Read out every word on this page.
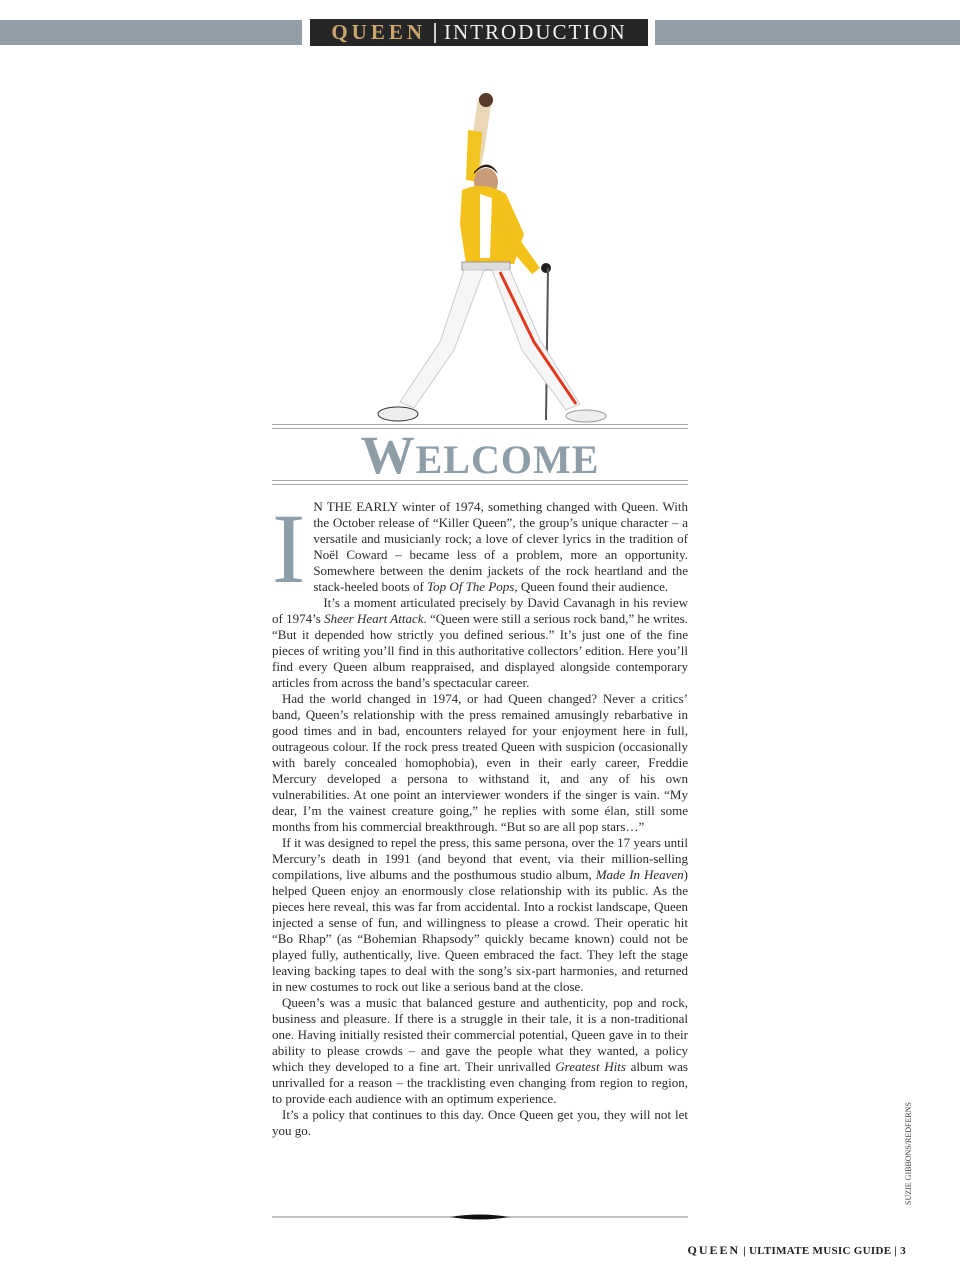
QUEEN INTRODUCTION
WELCOME

I N THE EARLY winter of 1974, something changed with Queen. With the October release of “Killer Queen”, the group’s unique character – a versatile and musicianly rock; a love of clever lyrics in the tradition of Noël Coward – became less of a problem, more an opportunity. Somewhere between the denim jackets of the rock heartland and the stack-heeled boots of Top Of The Pops, Queen found their audience.

It’s a moment articulated precisely by David Cavanagh in his review of 1974’s Sheer Heart Attack. “Queen were still a serious rock band,” he writes. “But it depended how strictly you defined serious.” It’s just one of the fine pieces of writing you’ll find in this authoritative collectors’ edition. Here you’ll find every Queen album reappraised, and displayed alongside contemporary articles from across the band’s spectacular career.

Had the world changed in 1974, or had Queen changed? Never a critics’ band, Queen’s relationship with the press remained amusingly rebarbative in good times and in bad, encounters relayed for your enjoyment here in full, outrageous colour. If the rock press treated Queen with suspicion (occasionally with barely concealed homophobia), even in their early career, Freddie Mercury developed a persona to withstand it, and any of his own vulnerabilities. At one point an interviewer wonders if the singer is vain. “My dear, I’m the vainest creature going,” he replies with some élan, still some months from his commercial breakthrough. “But so are all pop stars…”

If it was designed to repel the press, this same persona, over the 17 years until Mercury’s death in 1991 (and beyond that event, via their million-selling compilations, live albums and the posthumous studio album, Made In Heaven) helped Queen enjoy an enormously close relationship with its public. As the pieces here reveal, this was far from accidental. Into a rockist landscape, Queen injected a sense of fun, and willingness to please a crowd. Their operatic hit “Bo Rhap” (as “Bohemian Rhapsody” quickly became known) could not be played fully, authentically, live. Queen embraced the fact. They left the stage leaving backing tapes to deal with the song’s six-part harmonies, and returned in new costumes to rock out like a serious band at the close.

Queen’s was a music that balanced gesture and authenticity, pop and rock, business and pleasure. If there is a struggle in their tale, it is a non-traditional one. Having initially resisted their commercial potential, Queen gave in to their ability to please crowds – and gave the people what they wanted, a policy which they developed to a fine art. Their unrivalled Greatest Hits album was unrivalled for a reason – the tracklisting even changing from region to region, to provide each audience with an optimum experience.

It’s a policy that continues to this day. Once Queen get you, they will not let you go.	SUZIE GIBBONS/REDFERNS
QUEEN | ULTIMATE MUSIC GUIDE | 3
